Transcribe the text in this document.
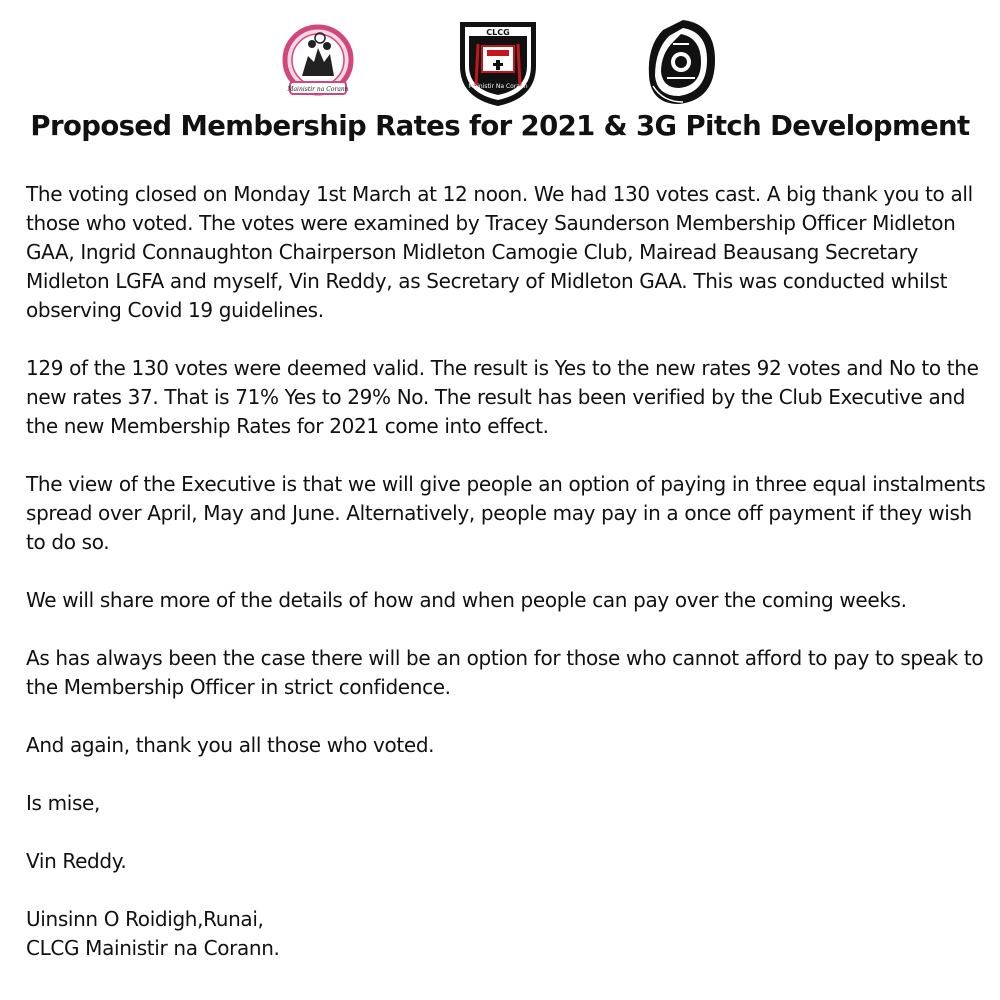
Mainistir na Corann
CLCG
Mainistir Na Corann
Proposed Membership Rates for 2021 & 3G Pitch Development

The voting closed on Monday 1st March at 12 noon. We had 130 votes cast. A big thank you to all those who voted. The votes were examined by Tracey Saunderson Membership Officer Midleton GAA, Ingrid Connaughton Chairperson Midleton Camogie Club, Mairead Beausang Secretary Midleton LGFA and myself, Vin Reddy, as Secretary of Midleton GAA. This was conducted whilst observing Covid 19 guidelines.

129 of the 130 votes were deemed valid. The result is Yes to the new rates 92 votes and No to the new rates 37. That is 71% Yes to 29% No. The result has been verified by the Club Executive and the new Membership Rates for 2021 come into effect.

The view of the Executive is that we will give people an option of paying in three equal instalments spread over April, May and June. Alternatively, people may pay in a once off payment if they wish to do so.

We will share more of the details of how and when people can pay over the coming weeks.

As has always been the case there will be an option for those who cannot afford to pay to speak to the Membership Officer in strict confidence.

And again, thank you all those who voted.

Is mise,

Vin Reddy.

Uinsinn O Roidigh,Runai,
CLCG Mainistir na Corann.
